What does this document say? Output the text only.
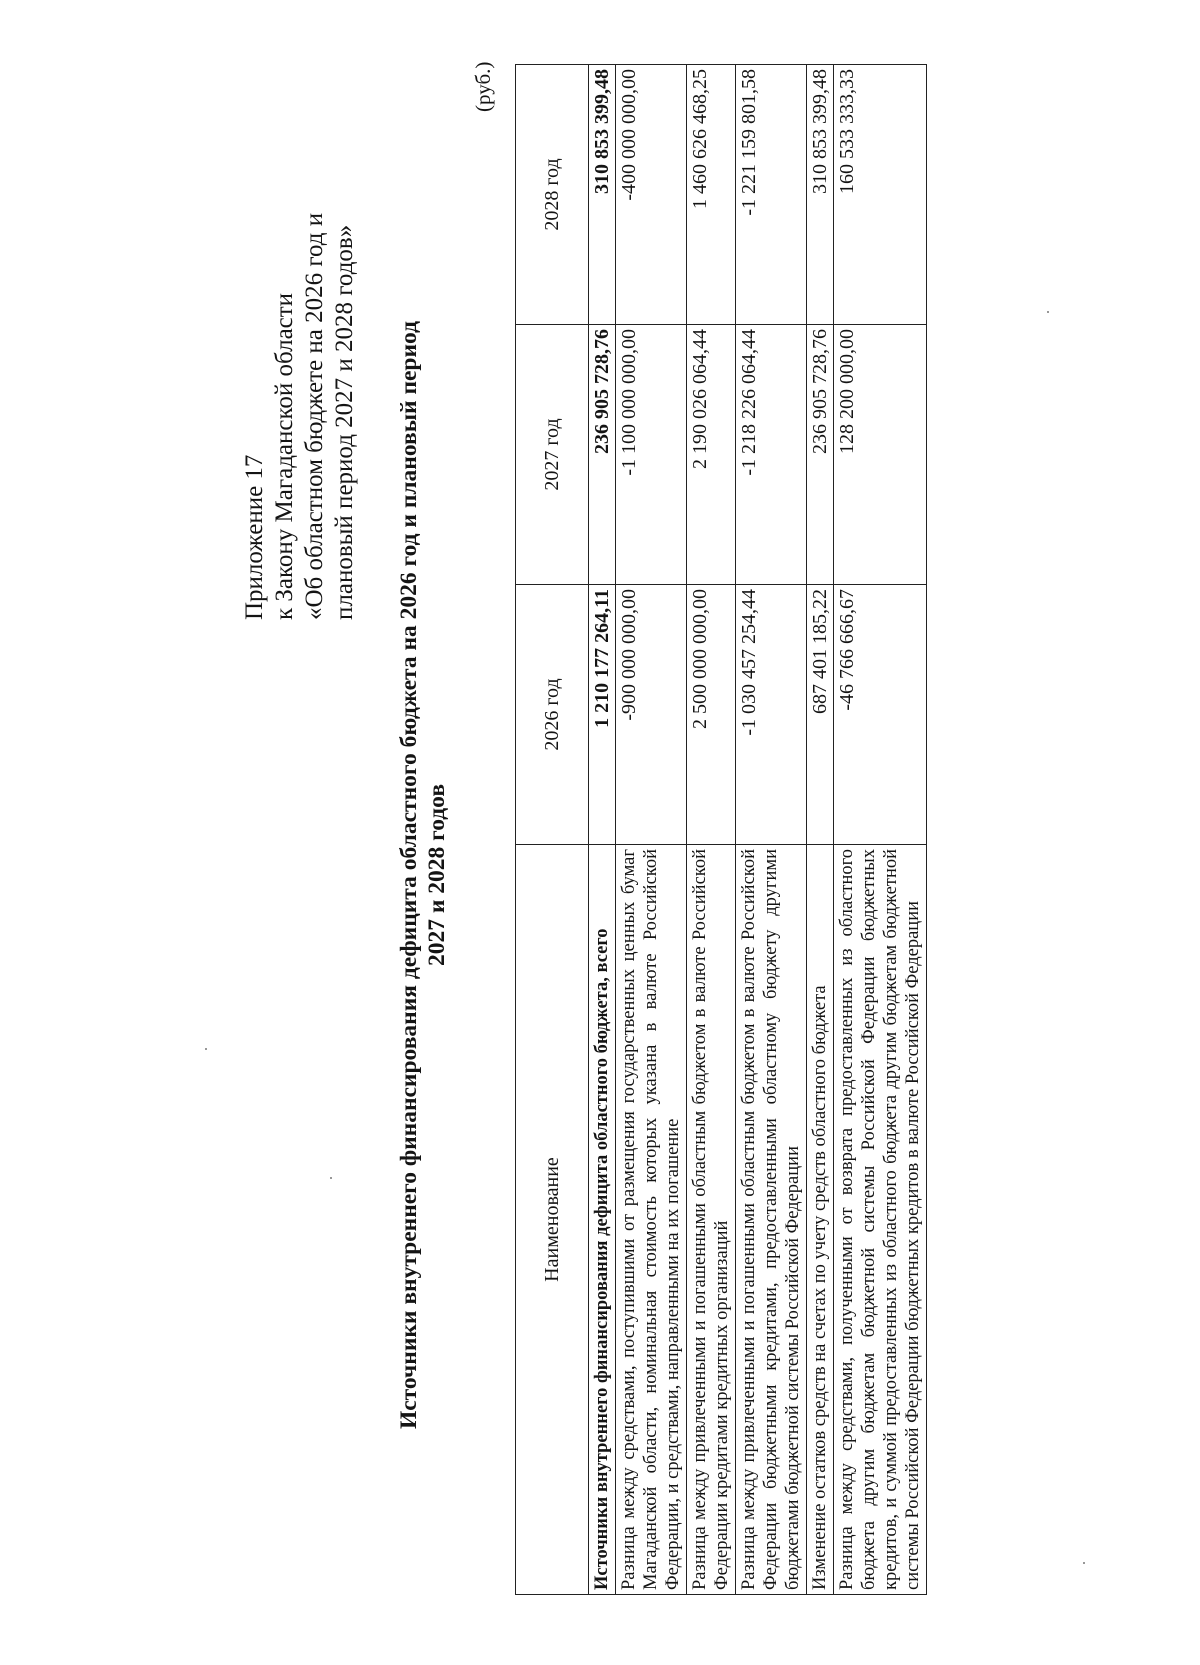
Приложение 17 к Закону Магаданской области «Об областном бюджете на 2026 год и плановый период 2027 и 2028 годов» Источники внутреннего финансирования дефицита областного бюджета на 2026 год и плановый период 2027 и 2028 годов
(руб.)
Наименование	2026 год	2027 год	2028 год
Источники внутреннего финансирования дефицита областного бюджета, всего	1 210 177 264,11	236 905 728,76	310 853 399,48
Разница между средствами, поступившими от размещения государственных ценных бумаг Магаданской области, номинальная стоимость которых указана в валюте Российской Федерации, и средствами, направленными на их погашение	-900 000 000,00	-1 100 000 000,00	-400 000 000,00
Разница между привлеченными и погашенными областным бюджетом в валюте Российской Федерации кредитами кредитных организаций	2 500 000 000,00	2 190 026 064,44	1 460 626 468,25
Разница между привлеченными и погашенными областным бюджетом в валюте Российской Федерации бюджетными кредитами, предоставленными областному бюджету другими бюджетами бюджетной системы Российской Федерации	-1 030 457 254,44	-1 218 226 064,44	-1 221 159 801,58
Изменение остатков средств на счетах по учету средств областного бюджета	687 401 185,22	236 905 728,76	310 853 399,48
Разница между средствами, полученными от возврата предоставленных из областного бюджета другим бюджетам бюджетной системы Российской Федерации бюджетных кредитов, и суммой предоставленных из областного бюджета другим бюджетам бюджетной системы Российской Федерации бюджетных кредитов в валюте Российской Федерации	-46 766 666,67	128 200 000,00	160 533 333,33
